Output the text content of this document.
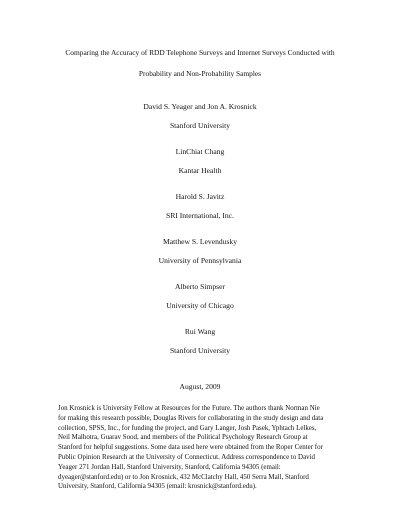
Comparing the Accuracy of RDD Telephone Surveys and Internet Surveys Conducted with
Probability and Non-Probability Samples
David S. Yeager and Jon A. Krosnick
Stanford University
LinChiat Chang
Kantar Health
Harold S. Javitz
SRI International, Inc.
Matthew S. Levendusky
University of Pennsylvania
Alberto Simpser
University of Chicago
Rui Wang
Stanford University
August, 2009

Jon Krosnick is University Fellow at Resources for the Future. The authors thank Norman Nie
for making this research possible, Douglas Rivers for collaborating in the study design and data
collection, SPSS, Inc., for funding the project, and Gary Langer, Josh Pasek, Yphtach Lelkes,
Neil Malhotra, Guarav Sood, and members of the Political Psychology Research Group at
Stanford for helpful suggestions. Some data used here were obtained from the Roper Center for
Public Opinion Research at the University of Connecticut. Address correspondence to David
Yeager 271 Jordan Hall, Stanford University, Stanford, California 94305 (email:
dyeager@stanford.edu) or to Jon Krosnick, 432 McClatchy Hall, 450 Serra Mall, Stanford
University, Stanford, California 94305 (email: krosnick@stanford.edu).
